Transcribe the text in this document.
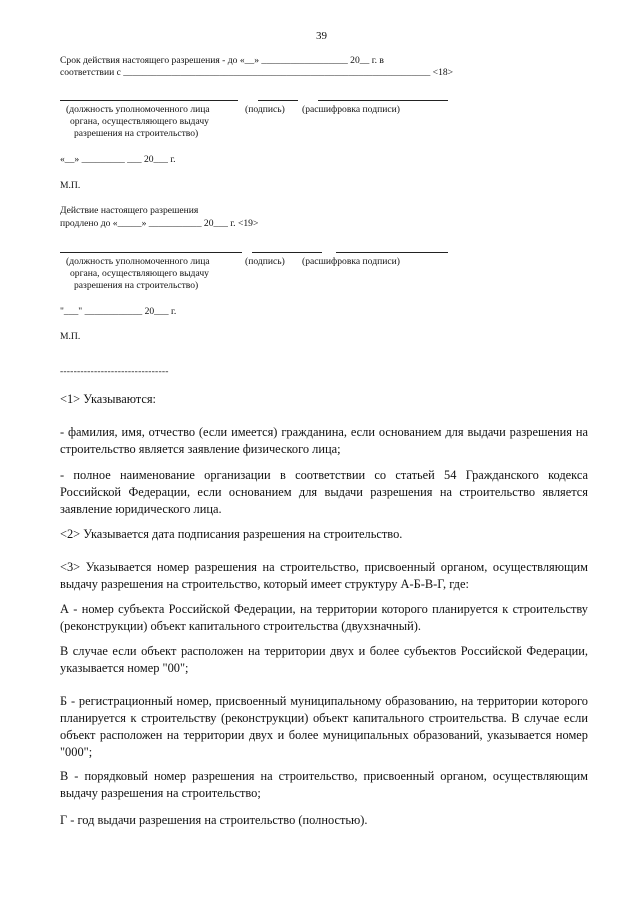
39
Срок действия настоящего разрешения - до «__» __________________ 20__ г. в
соответствии с ________________________________________________________________ <18>
(должность уполномоченного лица
органа, осуществляющего выдачу
разрешения на строительство)
(подпись) (расшифровка подписи)
«__» _________ ___ 20___ г.
М.П.
Действие настоящего разрешения
продлено до «_____» ___________ 20___ г. <19>
(должность уполномоченного лица
органа, осуществляющего выдачу
разрешения на строительство)
(подпись) (расшифровка подписи)
"___" ____________ 20___ г.
М.П.
--------------------------------
<1> Указываются:
- фамилия, имя, отчество (если имеется) гражданина, если основанием для выдачи разрешения на строительство является заявление физического лица;
- полное наименование организации в соответствии со статьей 54 Гражданского кодекса Российской Федерации, если основанием для выдачи разрешения на строительство является заявление юридического лица.
<2> Указывается дата подписания разрешения на строительство.
<3> Указывается номер разрешения на строительство, присвоенный органом, осуществляющим выдачу разрешения на строительство, который имеет структуру А-Б-В-Г, где:
А - номер субъекта Российской Федерации, на территории которого планируется к строительству (реконструкции) объект капитального строительства (двухзначный).
В случае если объект расположен на территории двух и более субъектов Российской Федерации, указывается номер "00";
Б - регистрационный номер, присвоенный муниципальному образованию, на территории которого планируется к строительству (реконструкции) объект капитального строительства. В случае если объект расположен на территории двух и более муниципальных образований, указывается номер "000";
В - порядковый номер разрешения на строительство, присвоенный органом, осуществляющим выдачу разрешения на строительство;
Г - год выдачи разрешения на строительство (полностью).
